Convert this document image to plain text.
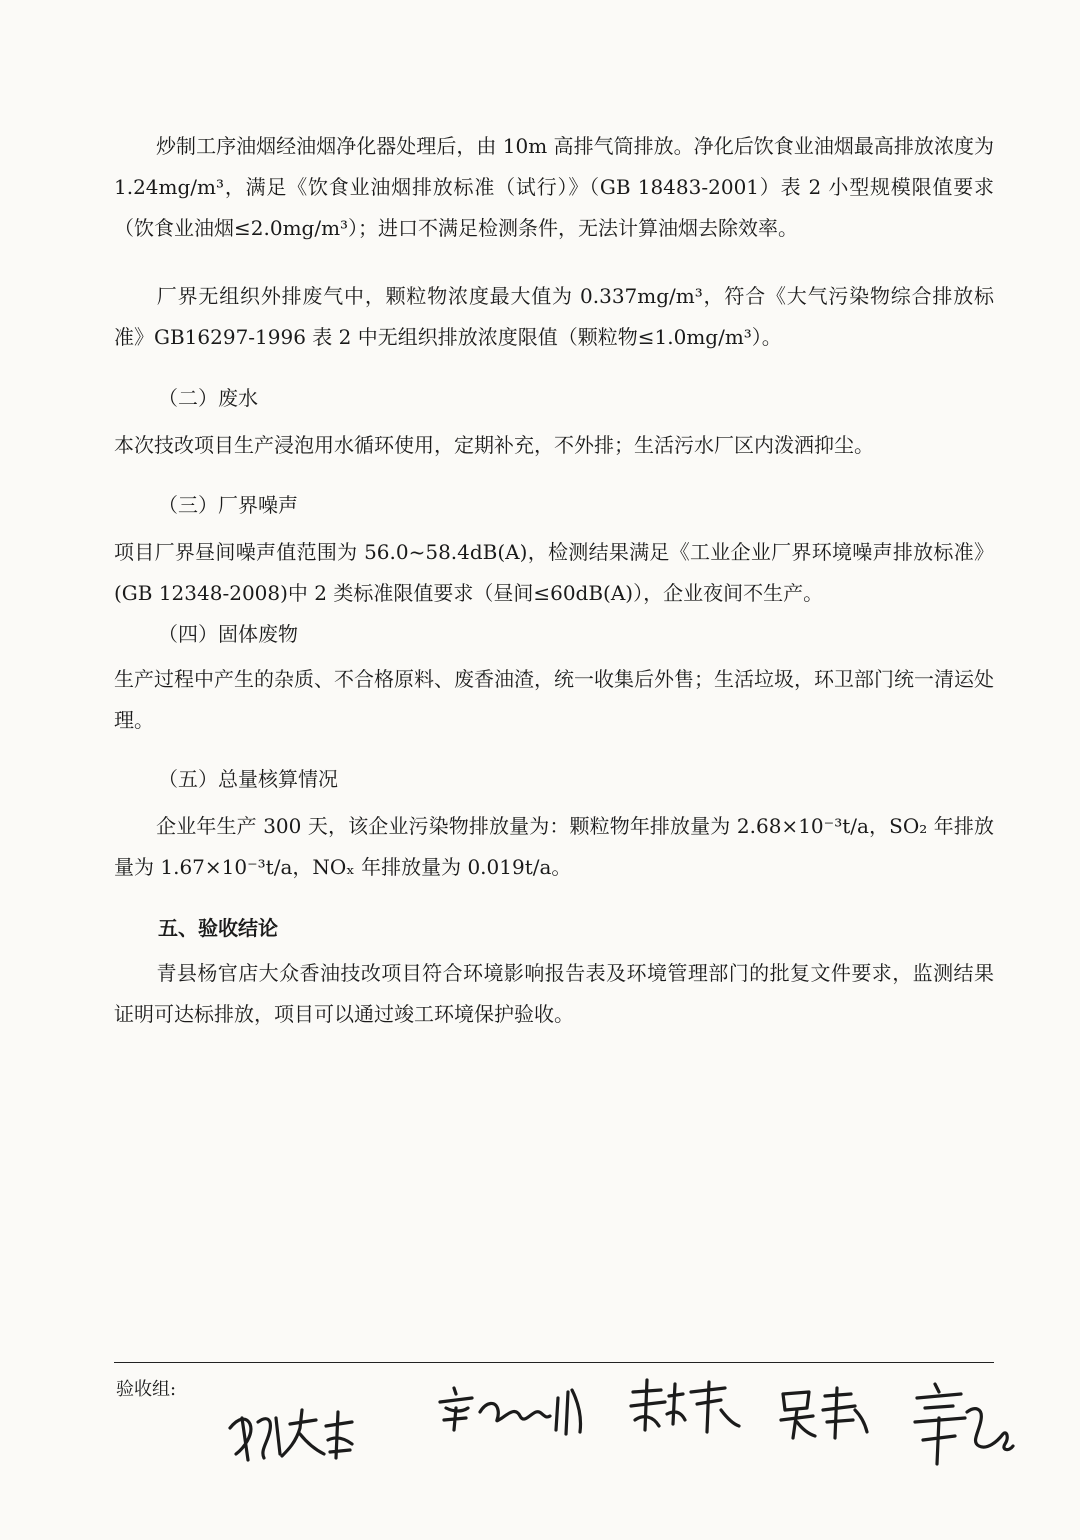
炒制工序油烟经油烟净化器处理后，由 10m 高排气筒排放。净化后饮食业油烟最高排放浓度为 1.24mg/m³，满足《饮食业油烟排放标准（试行）》（GB 18483-2001）表 2 小型规模限值要求（饮食业油烟≤2.0mg/m³）；进口不满足检测条件，无法计算油烟去除效率。

厂界无组织外排废气中，颗粒物浓度最大值为 0.337mg/m³，符合《大气污染物综合排放标准》GB16297-1996 表 2 中无组织排放浓度限值（颗粒物≤1.0mg/m³）。

（二）废水

本次技改项目生产浸泡用水循环使用，定期补充，不外排；生活污水厂区内泼洒抑尘。

（三）厂界噪声

项目厂界昼间噪声值范围为 56.0~58.4dB(A)，检测结果满足《工业企业厂界环境噪声排放标准》(GB 12348-2008)中 2 类标准限值要求（昼间≤60dB(A)），企业夜间不生产。

（四）固体废物

生产过程中产生的杂质、不合格原料、废香油渣，统一收集后外售；生活垃圾，环卫部门统一清运处理。

（五）总量核算情况

企业年生产 300 天，该企业污染物排放量为：颗粒物年排放量为 2.68×10⁻³t/a，SO₂ 年排放量为 1.67×10⁻³t/a，NOₓ 年排放量为 0.019t/a。

五、验收结论

青县杨官店大众香油技改项目符合环境影响报告表及环境管理部门的批复文件要求，监测结果证明可达标排放，项目可以通过竣工环境保护验收。

验收组:
